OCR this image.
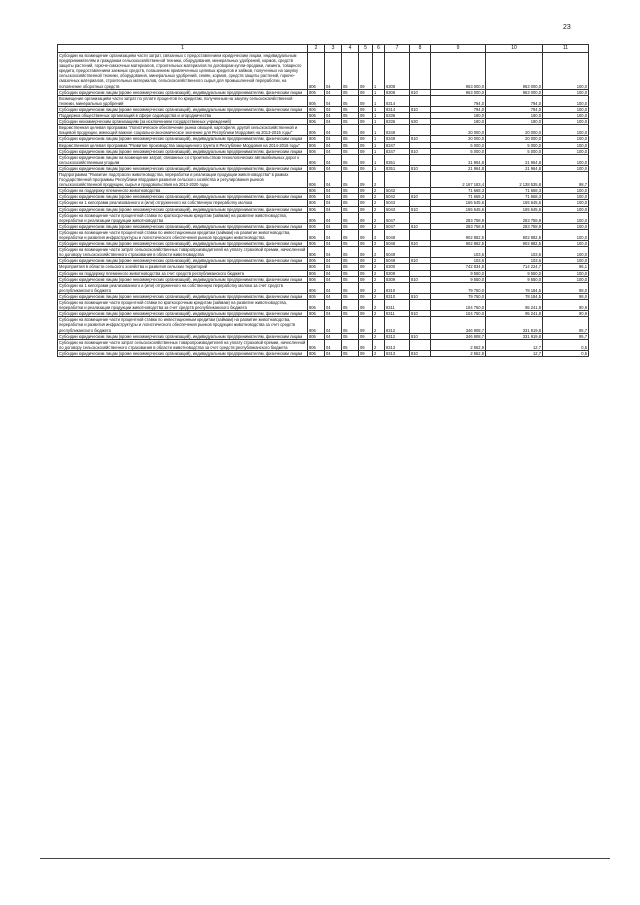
23
1	2	3	4	5	6	7	8	9	10	11
Субсидии на возмещение организациям части затрат, связанных с предоставлением юридическим лицам, индивидуальным предпринимателям и гражданам сельскохозяйственной техники, оборудования, минеральных удобрений, кормов, средств защиты растений, горюче-смазочных материалов, строительных материалов по договорам купли-продажи, лизинга, товарного кредита, предоставлением заемных средств, погашением привлеченных целевых кредитов и займов, полученных на закупку сельскохозяйственной техники, оборудования, минеральных удобрений, семян, кормов, средств защиты растений, горюче-смазочных материалов, строительных материалов, сельскохозяйственного сырья для промышленной переработки, на пополнение оборотных средств	806	04	05	09	1	8308		963 000,0	963 000,0	100,0
Субсидии юридическим лицам (кроме некоммерческих организаций), индивидуальным предпринимателям, физическим лицам	806	04	05	09	1	8308	810	963 000,0	963 000,0	100,0
Возмещение организациям части затрат по уплате процентов по кредитам, полученным на закупку сельскохозяйственной техники, минеральных удобрений	806	04	05	09	1	8314		794,0	794,0	100,0
Субсидии юридическим лицам (кроме некоммерческих организаций), индивидуальным предпринимателям, физическим лицам	806	04	05	09	1	8314	810	794,0	794,0	100,0
Поддержка общественных организаций в сфере садоводства и огородничества	806	04	05	09	1	8336		180,0	180,0	100,0
Субсидии некоммерческим организациям (за исключением государственных учреждений)	806	04	05	09	1	8336	630	180,0	180,0	100,0
Ведомственная целевая программа "Логистическое обеспечение рынка овощей, картофеля, другой сельскохозяйственной и пищевой продукции, имеющей важное социально-экономическое значение для Республики Мордовия на 2013-2015 годы"	806	04	05	09	1	8348		20 000,0	20 000,0	100,0
Субсидии юридическим лицам (кроме некоммерческих организаций), индивидуальным предпринимателям, физическим лицам	806	04	05	09	1	8348	810	20 000,0	20 000,0	100,0
Ведомственная целевая программа "Развитие производства защищенного грунта в Республике Мордовия на 2014-2016 годы"	806	04	05	09	1	8347		5 000,0	5 000,0	100,0
Субсидии юридическим лицам (кроме некоммерческих организаций), индивидуальным предпринимателям, физическим лицам	806	04	05	09	1	8347	810	5 000,0	5 000,0	100,0
Субсидии юридическим лицам на возмещение затрат, связанных со строительством технологических автомобильных дорог к сельскохозяйственным угодьям	806	04	05	09	1	8351		21 964,8	21 964,8	100,0
Субсидии юридическим лицам (кроме некоммерческих организаций), индивидуальным предпринимателям, физическим лицам	806	04	05	09	1	8351	810	21 964,8	21 964,8	100,0
Подпрограмма "Развитие подотрасли животноводства, переработки и реализации продукции животноводства" в рамках Государственной программы Республики Мордовия развития сельского хозяйства и регулирования рынков сельскохозяйственной продукции, сырья и продовольствия на 2013-2020 годы	806	04	05	09	2			2 167 183,4	2 138 535,8	98,7
Субсидии на поддержку племенного животноводства	806	04	05	09	2	5042		71 668,3	71 668,3	100,0
Субсидии юридическим лицам (кроме некоммерческих организаций), индивидуальным предпринимателям, физическим лицам	806	04	05	09	2	5042	810	71 668,3	71 668,3	100,0
Субсидии на 1 килограмм реализованного и (или) отгруженного на собственную переработку молока	806	04	05	09	2	5043		165 645,6	165 645,6	100,0
Субсидии юридическим лицам (кроме некоммерческих организаций), индивидуальным предпринимателям, физическим лицам	806	04	05	09	2	5043	810	165 645,6	165 645,6	100,0
Субсидии на возмещение части процентной ставки по краткосрочным кредитам (займам) на развитие животноводства, переработки и реализации продукции животноводства	806	04	05	09	2	5047		283 758,9	283 758,9	100,0
Субсидии юридическим лицам (кроме некоммерческих организаций), индивидуальным предпринимателям, физическим лицам	806	04	05	09	2	5047	810	283 758,9	283 758,9	100,0
Субсидии на возмещение части процентной ставки по инвестиционным кредитам (займам) на развитие животноводства, переработки и развития инфраструктуры и логистического обеспечения рынков продукции животноводства	806	04	05	09	2	5048		902 882,5	902 882,5	100,0
Субсидии юридическим лицам (кроме некоммерческих организаций), индивидуальным предпринимателям, физическим лицам	806	04	05	09	2	5048	810	902 882,5	902 882,5	100,0
Субсидии на возмещение части затрат сельскохозяйственных товаропроизводителей на уплату страховой премии, начисленной по договору сельскохозяйственного страхования в области животноводства	806	04	05	09	2	5049		103,6	103,6	100,0
Субсидии юридическим лицам (кроме некоммерческих организаций), индивидуальным предпринимателям, физическим лицам	806	04	05	09	2	5049	810	103,6	103,6	100,0
Мероприятия в области сельского хозяйства и развития сельских территорий	806	04	05	09	2	8300		742 834,5	714 224,7	96,1
Субсидии на поддержку племенного животноводства за счет средств республиканского бюджета	806	04	05	09	2	8309		9 550,0	9 550,0	100,0
Субсидии юридическим лицам (кроме некоммерческих организаций), индивидуальным предпринимателям, физическим лицам	806	04	05	09	2	8309	810	9 550,0	9 550,0	100,0
Субсидии на 1 килограмм реализованного и (или) отгруженного на собственную переработку молока за счет средств республиканского бюджета	806	04	05	09	2	8310		79 750,0	78 184,5	98,0
Субсидии юридическим лицам (кроме некоммерческих организаций), индивидуальным предпринимателям, физическим лицам	806	04	05	09	2	8310	810	79 750,0	78 184,5	98,0
Субсидии на возмещение части процентной ставки по краткосрочным кредитам (займам) на развитие животноводства, переработки и реализации продукции животноводства за счет средств республиканского бюджета	806	04	05	09	2	8311		104 750,0	95 241,8	90,9
Субсидии юридическим лицам (кроме некоммерческих организаций), индивидуальным предпринимателям, физическим лицам	806	04	05	09	2	8311	810	104 750,0	95 241,8	90,9
Субсидии на возмещение части процентной ставки по инвестиционным кредитам (займам) на развитие животноводства, переработки и развития инфраструктуры и логистического обеспечения рынков продукции животноводства за счет средств республиканского бюджета	806	04	05	09	2	8312		346 908,7	331 919,8	95,7
Субсидии юридическим лицам (кроме некоммерческих организаций), индивидуальным предпринимателям, физическим лицам	806	04	05	09	2	8312	810	346 908,7	331 919,8	95,7
Субсидии на возмещение части затрат сельскохозяйственных товаропроизводителей на уплату страховой премии, начисленной по договору сельскохозяйственного страхования в области животноводства за счет средств республиканского бюджета	806	04	05	09	2	8313		2 562,9	12,7	0,5
Субсидии юридическим лицам (кроме некоммерческих организаций), индивидуальным предпринимателям, физическим лицам	806	04	05	09	2	8313	810	2 562,9	12,7	0,5
